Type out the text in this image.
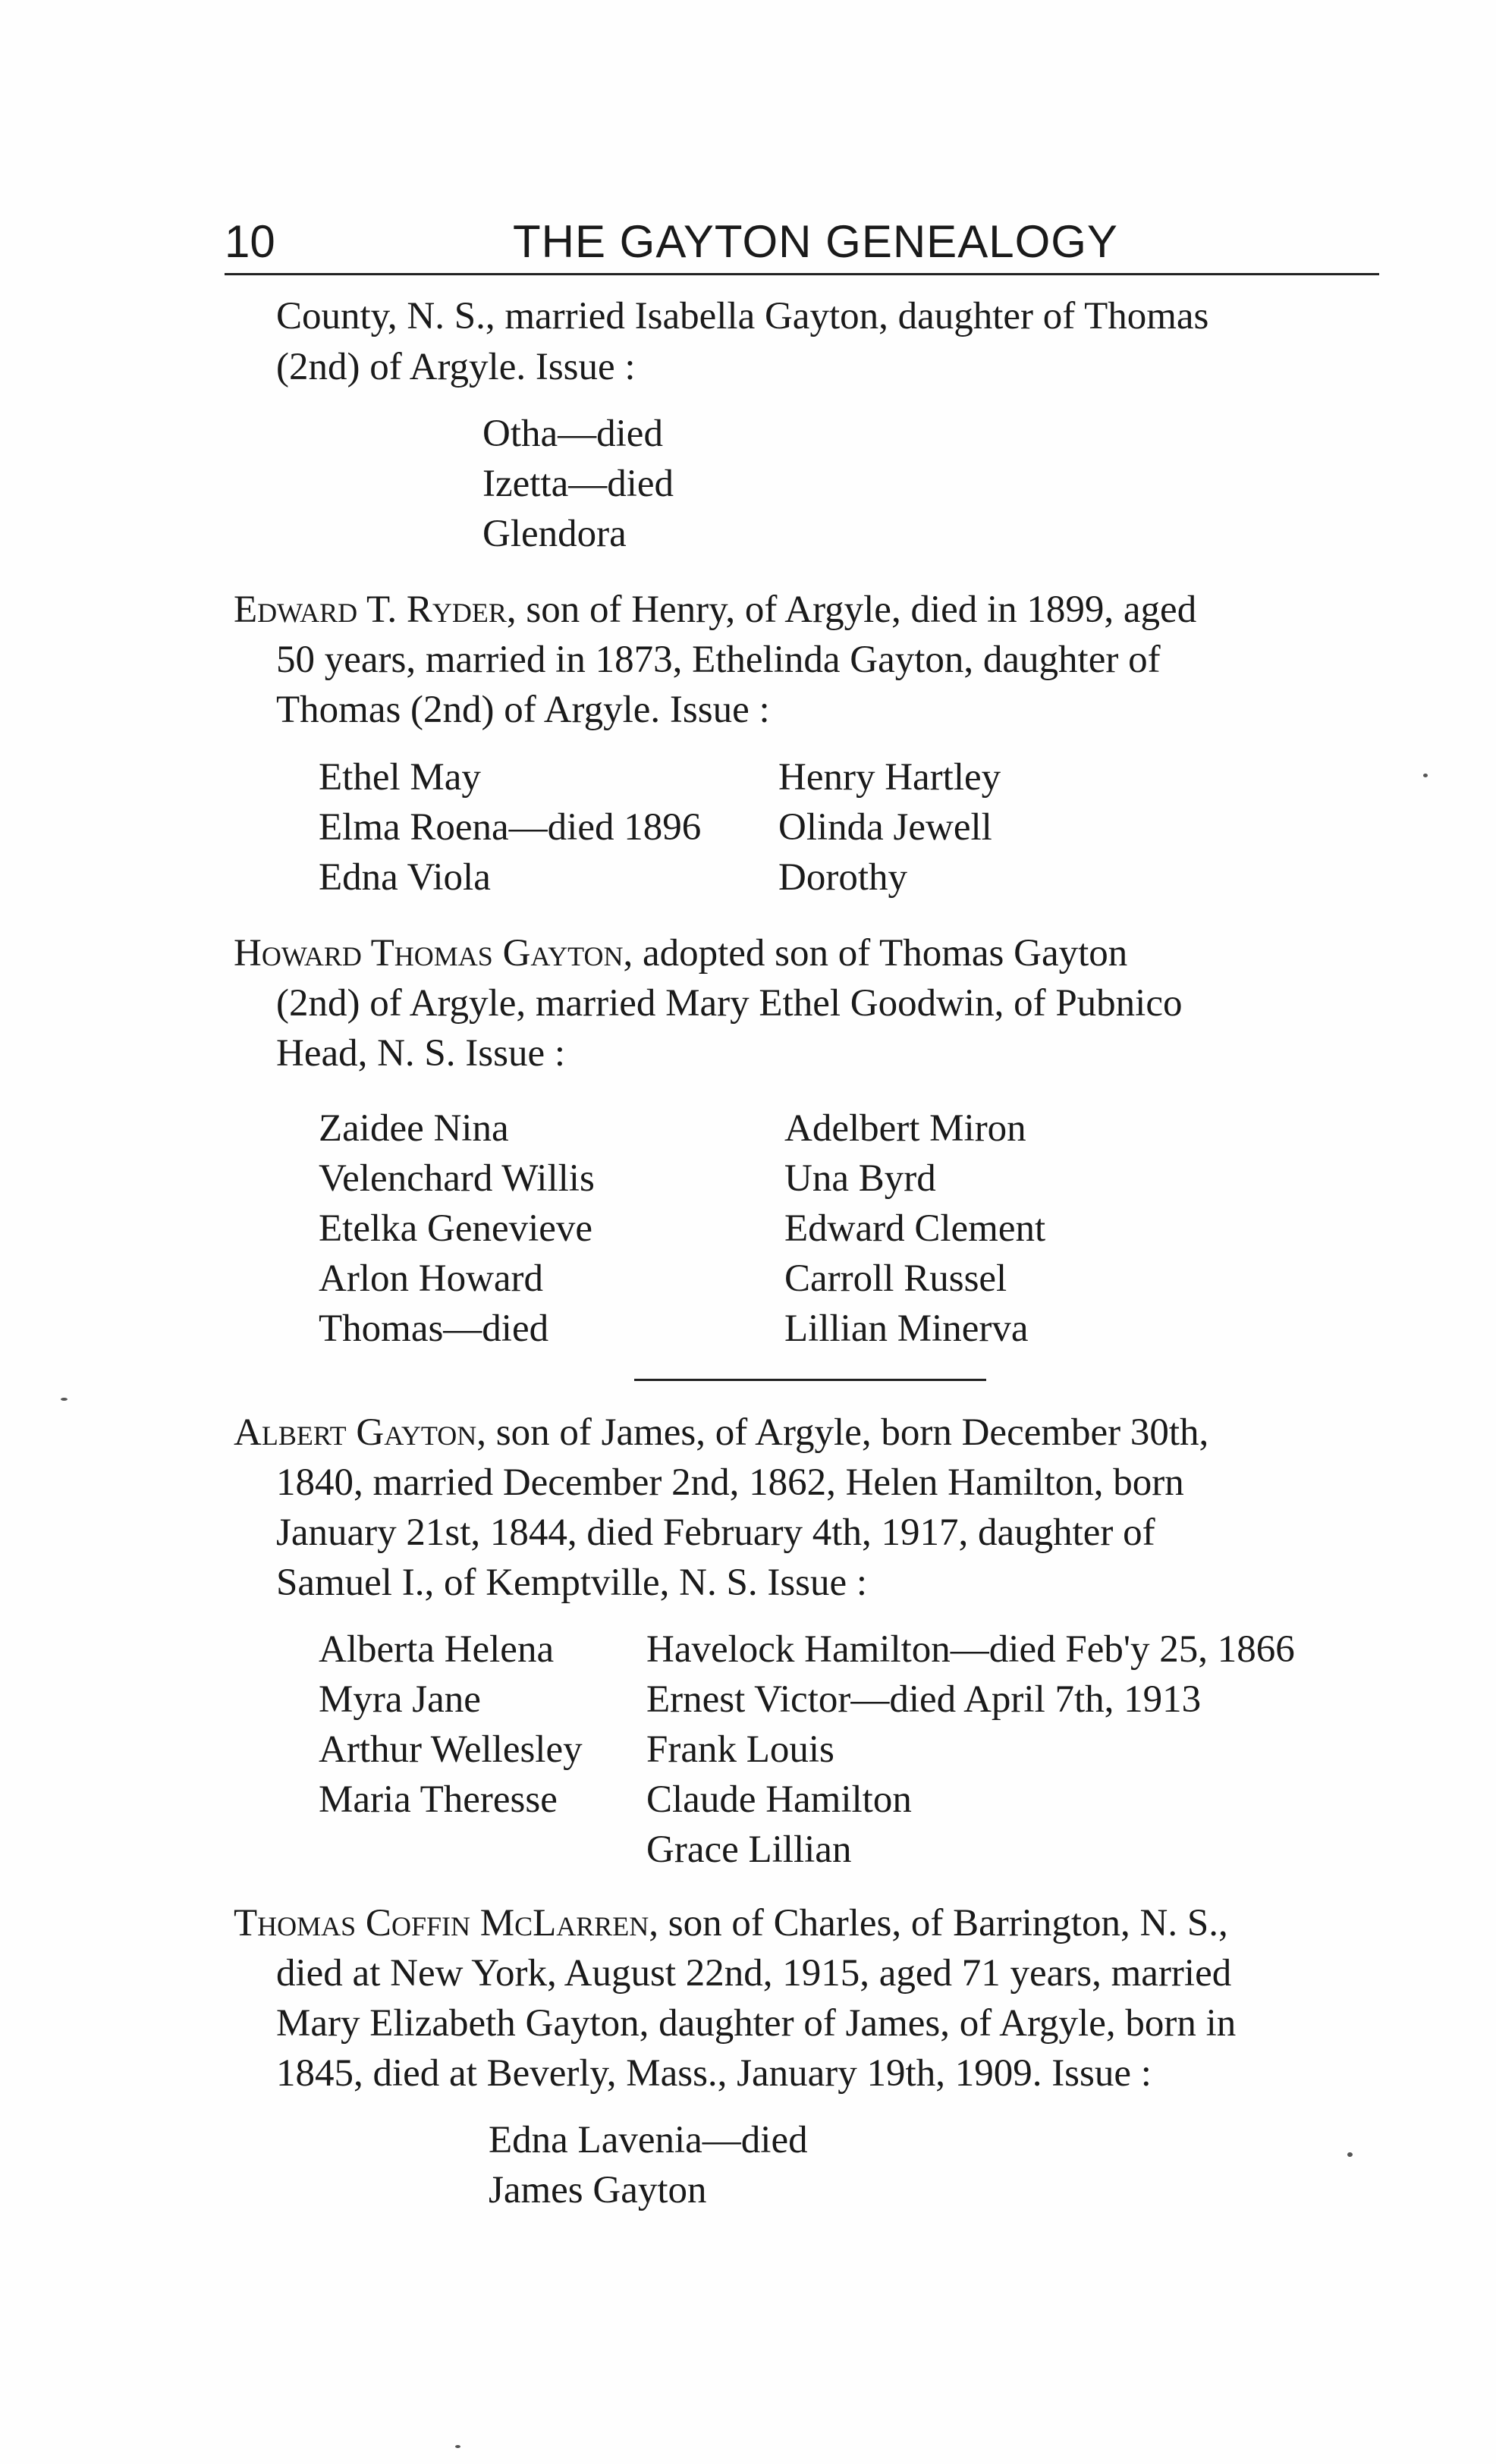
10	THE GAYTON GENEALOGY
County, N. S., married Isabella Gayton, daughter of Thomas
(2nd) of Argyle. Issue :
Otha—died
Izetta—died
Glendora
Edward T. Ryder, son of Henry, of Argyle, died in 1899, aged
50 years, married in 1873, Ethelinda Gayton, daughter of
Thomas (2nd) of Argyle. Issue :
Ethel May
Elma Roena—died 1896
Edna Viola
Henry Hartley
Olinda Jewell
Dorothy
Howard Thomas Gayton, adopted son of Thomas Gayton
(2nd) of Argyle, married Mary Ethel Goodwin, of Pubnico
Head, N. S. Issue :
Zaidee Nina
Velenchard Willis
Etelka Genevieve
Arlon Howard
Thomas—died
Adelbert Miron
Una Byrd
Edward Clement
Carroll Russel
Lillian Minerva
Albert Gayton, son of James, of Argyle, born December 30th,
1840, married December 2nd, 1862, Helen Hamilton, born
January 21st, 1844, died February 4th, 1917, daughter of
Samuel I., of Kemptville, N. S. Issue :
Alberta Helena
Myra Jane
Arthur Wellesley
Maria Theresse
Havelock Hamilton—died Feb'y 25, 1866
Ernest Victor—died April 7th, 1913
Frank Louis
Claude Hamilton
Grace Lillian
Thomas Coffin McLarren, son of Charles, of Barrington, N. S.,
died at New York, August 22nd, 1915, aged 71 years, married
Mary Elizabeth Gayton, daughter of James, of Argyle, born in
1845, died at Beverly, Mass., January 19th, 1909. Issue :
Edna Lavenia—died
James Gayton
